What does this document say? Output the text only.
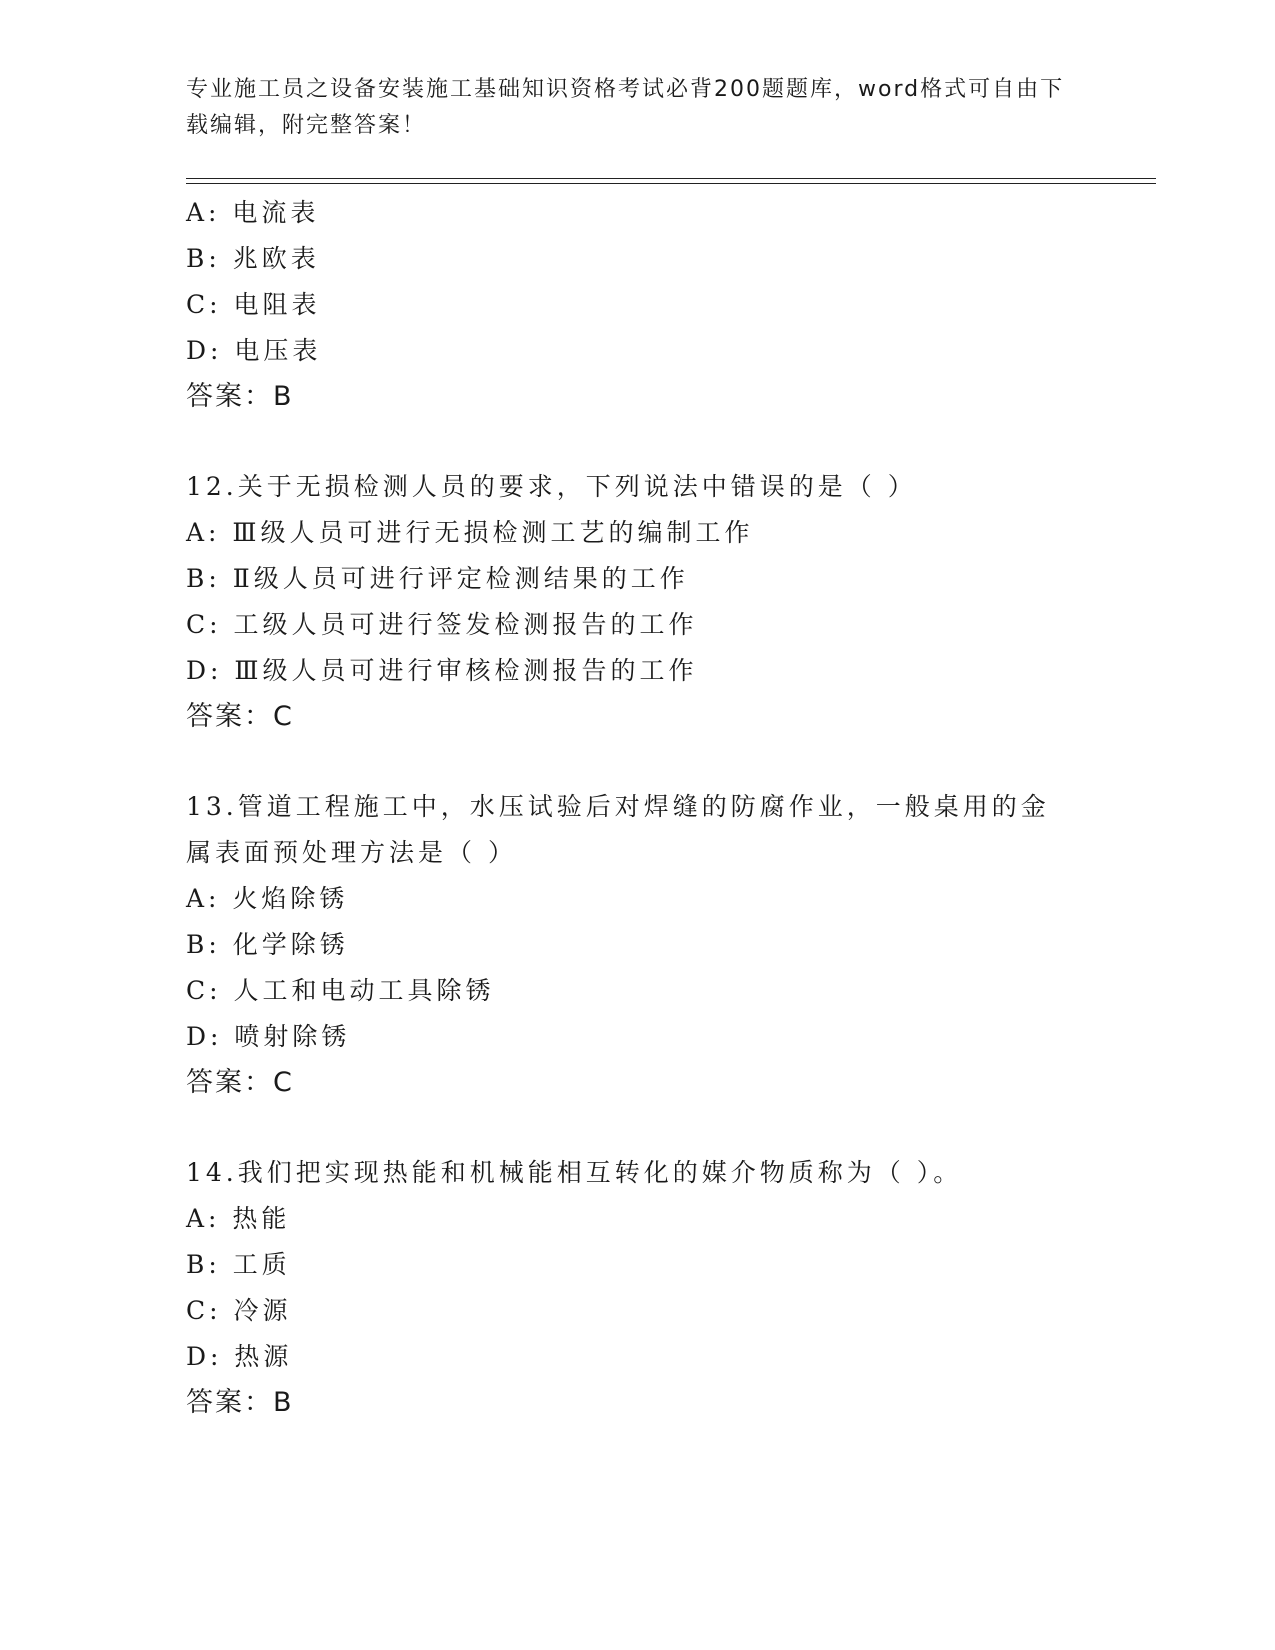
专业施工员之设备安装施工基础知识资格考试必背200题题库，word格式可自由下载编辑，附完整答案！
A: 电流表
B: 兆欧表
C: 电阻表
D: 电压表
答案：B
12.关于无损检测人员的要求，下列说法中错误的是（ ）
A: Ⅲ级人员可进行无损检测工艺的编制工作
B: Ⅱ级人员可进行评定检测结果的工作
C: 工级人员可进行签发检测报告的工作
D: Ⅲ级人员可进行审核检测报告的工作
答案：C
13.管道工程施工中，水压试验后对焊缝的防腐作业，一般桌用的金属表面预处理方法是（ ）
A: 火焰除锈
B: 化学除锈
C: 人工和电动工具除锈
D: 喷射除锈
答案：C
14.我们把实现热能和机械能相互转化的媒介物质称为（ ）。
A: 热能
B: 工质
C: 冷源
D: 热源
答案：B
